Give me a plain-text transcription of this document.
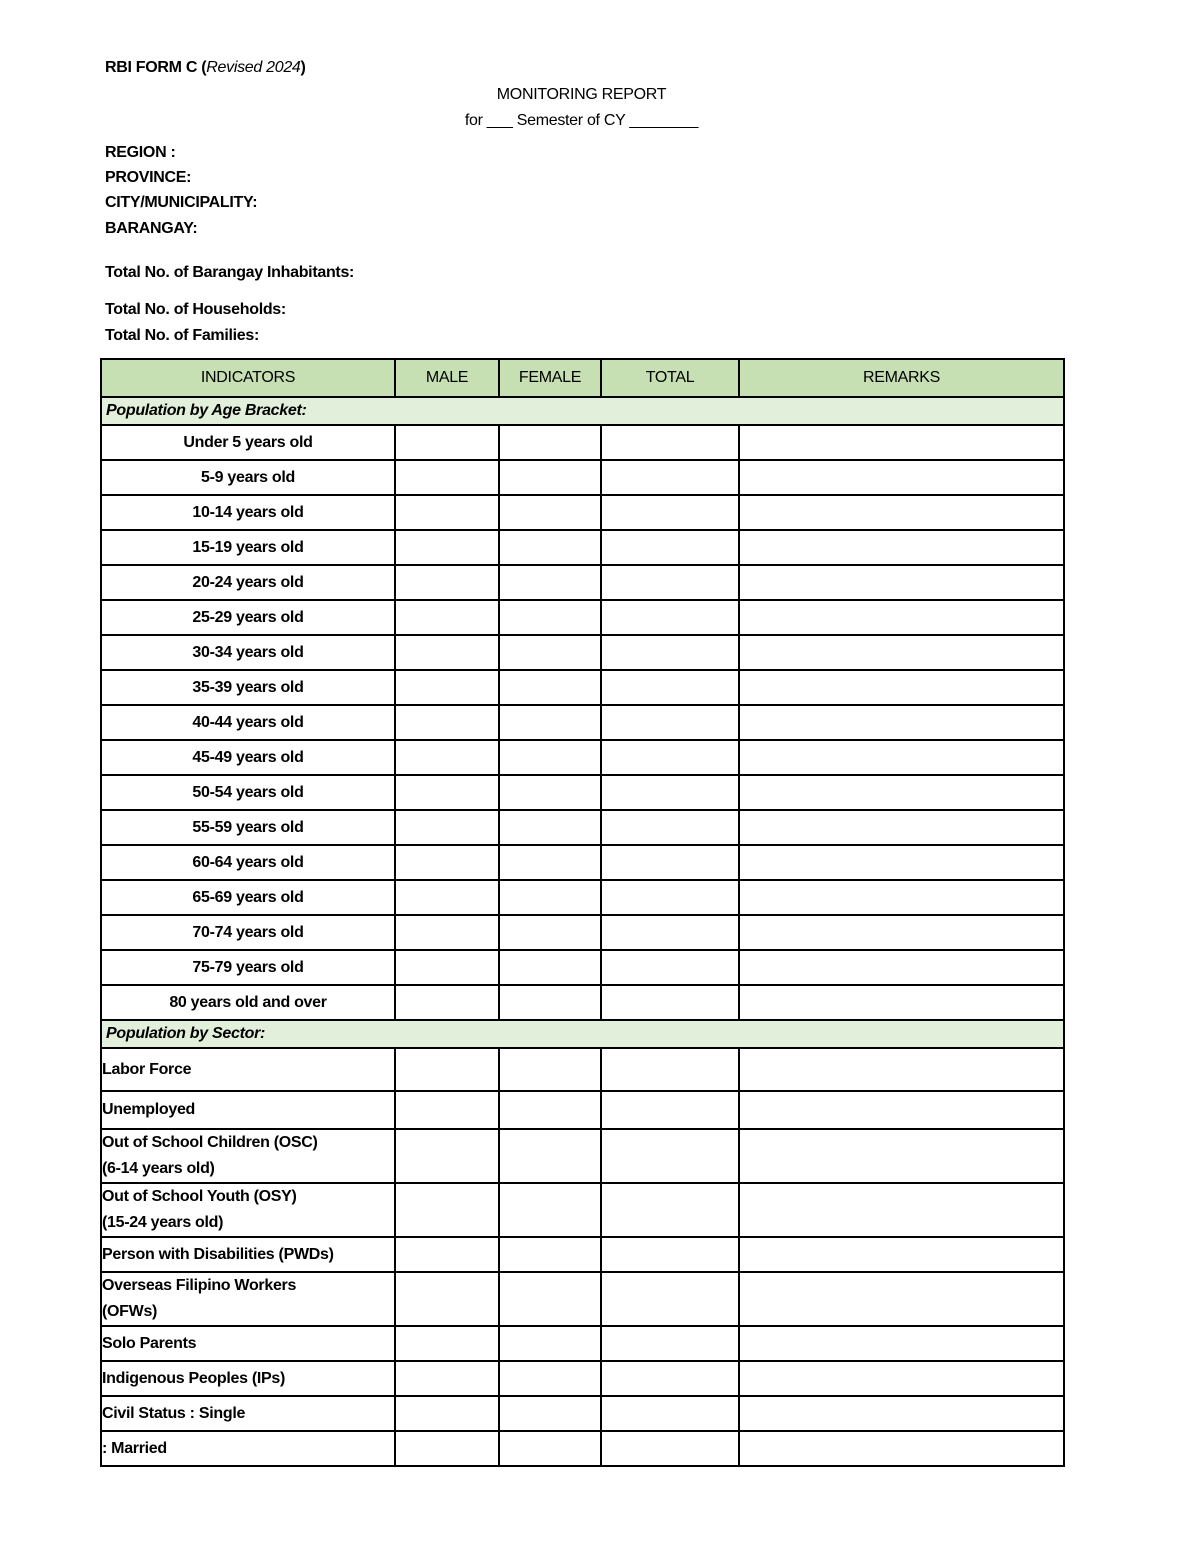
RBI FORM C (Revised 2024)
MONITORING REPORT
for ___ Semester of CY ________
REGION :
PROVINCE:
CITY/MUNICIPALITY:
BARANGAY:
Total No. of Barangay Inhabitants:
Total No. of Households:
Total No. of Families:
INDICATORS	MALE	FEMALE	TOTAL	REMARKS
Population by Age Bracket:				
Under 5 years old				
5-9 years old				
10-14 years old				
15-19 years old				
20-24 years old				
25-29 years old				
30-34 years old				
35-39 years old				
40-44 years old				
45-49 years old				
50-54 years old				
55-59 years old				
60-64 years old				
65-69 years old				
70-74 years old				
75-79 years old				
80 years old and over				
Population by Sector:				
Labor Force				
Unemployed				
Out of School Children (OSC)
(6-14 years old)				
Out of School Youth (OSY)
(15-24 years old)				
Person with Disabilities (PWDs)				
Overseas Filipino Workers
(OFWs)				
Solo Parents				
Indigenous Peoples (IPs)				
Civil Status : Single				
: Married				
